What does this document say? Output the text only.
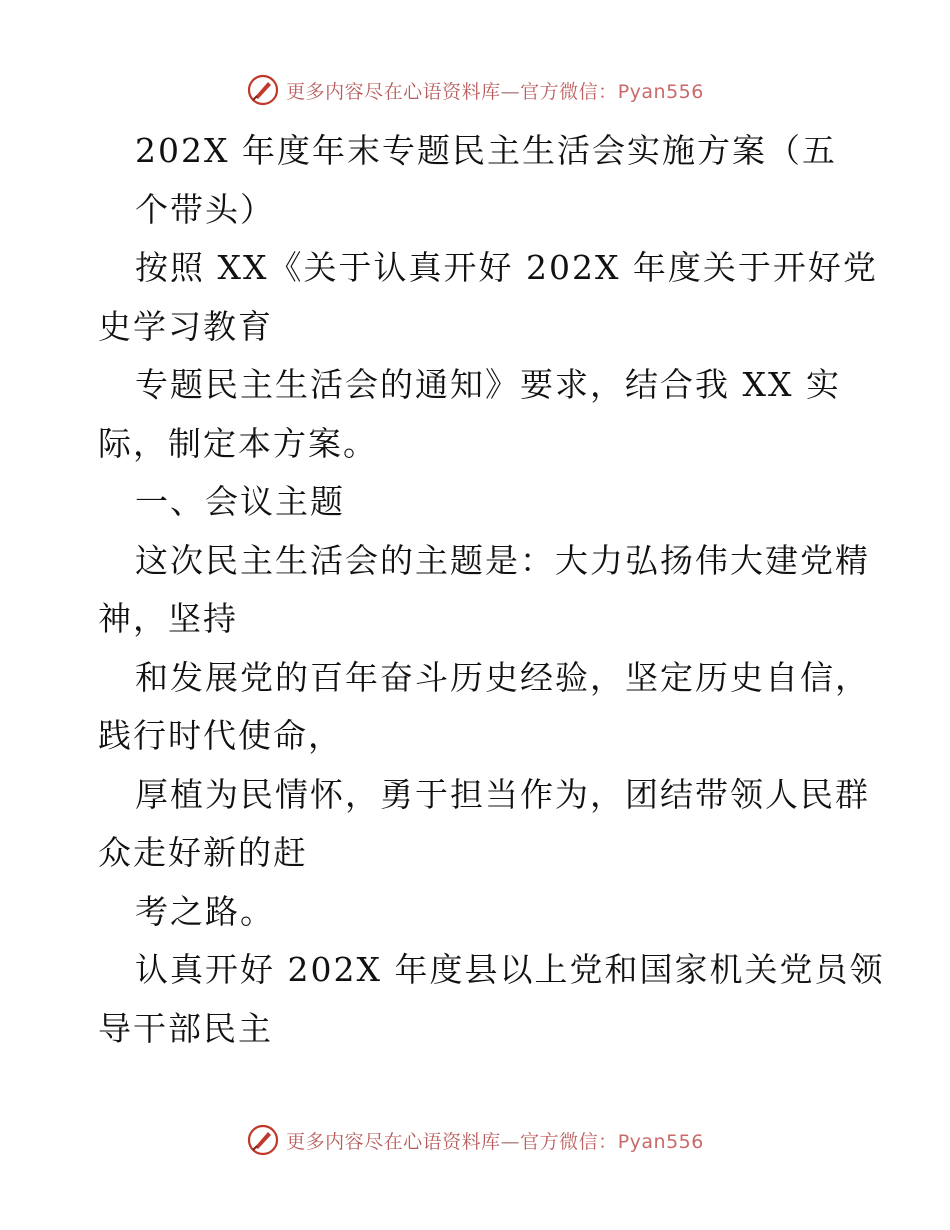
更多内容尽在心语资料库—官方微信：Pyan556
202X 年度年末专题民主生活会实施方案（五
个带头）
按照 XX《关于认真开好 202X 年度关于开好党
史学习教育
专题民主生活会的通知》要求，结合我 XX 实
际，制定本方案。
一、会议主题
这次民主生活会的主题是：大力弘扬伟大建党精
神，坚持
和发展党的百年奋斗历史经验，坚定历史自信，
践行时代使命，
厚植为民情怀，勇于担当作为，团结带领人民群
众走好新的赶
考之路。
认真开好 202X 年度县以上党和国家机关党员领
导干部民主
更多内容尽在心语资料库—官方微信：Pyan556
